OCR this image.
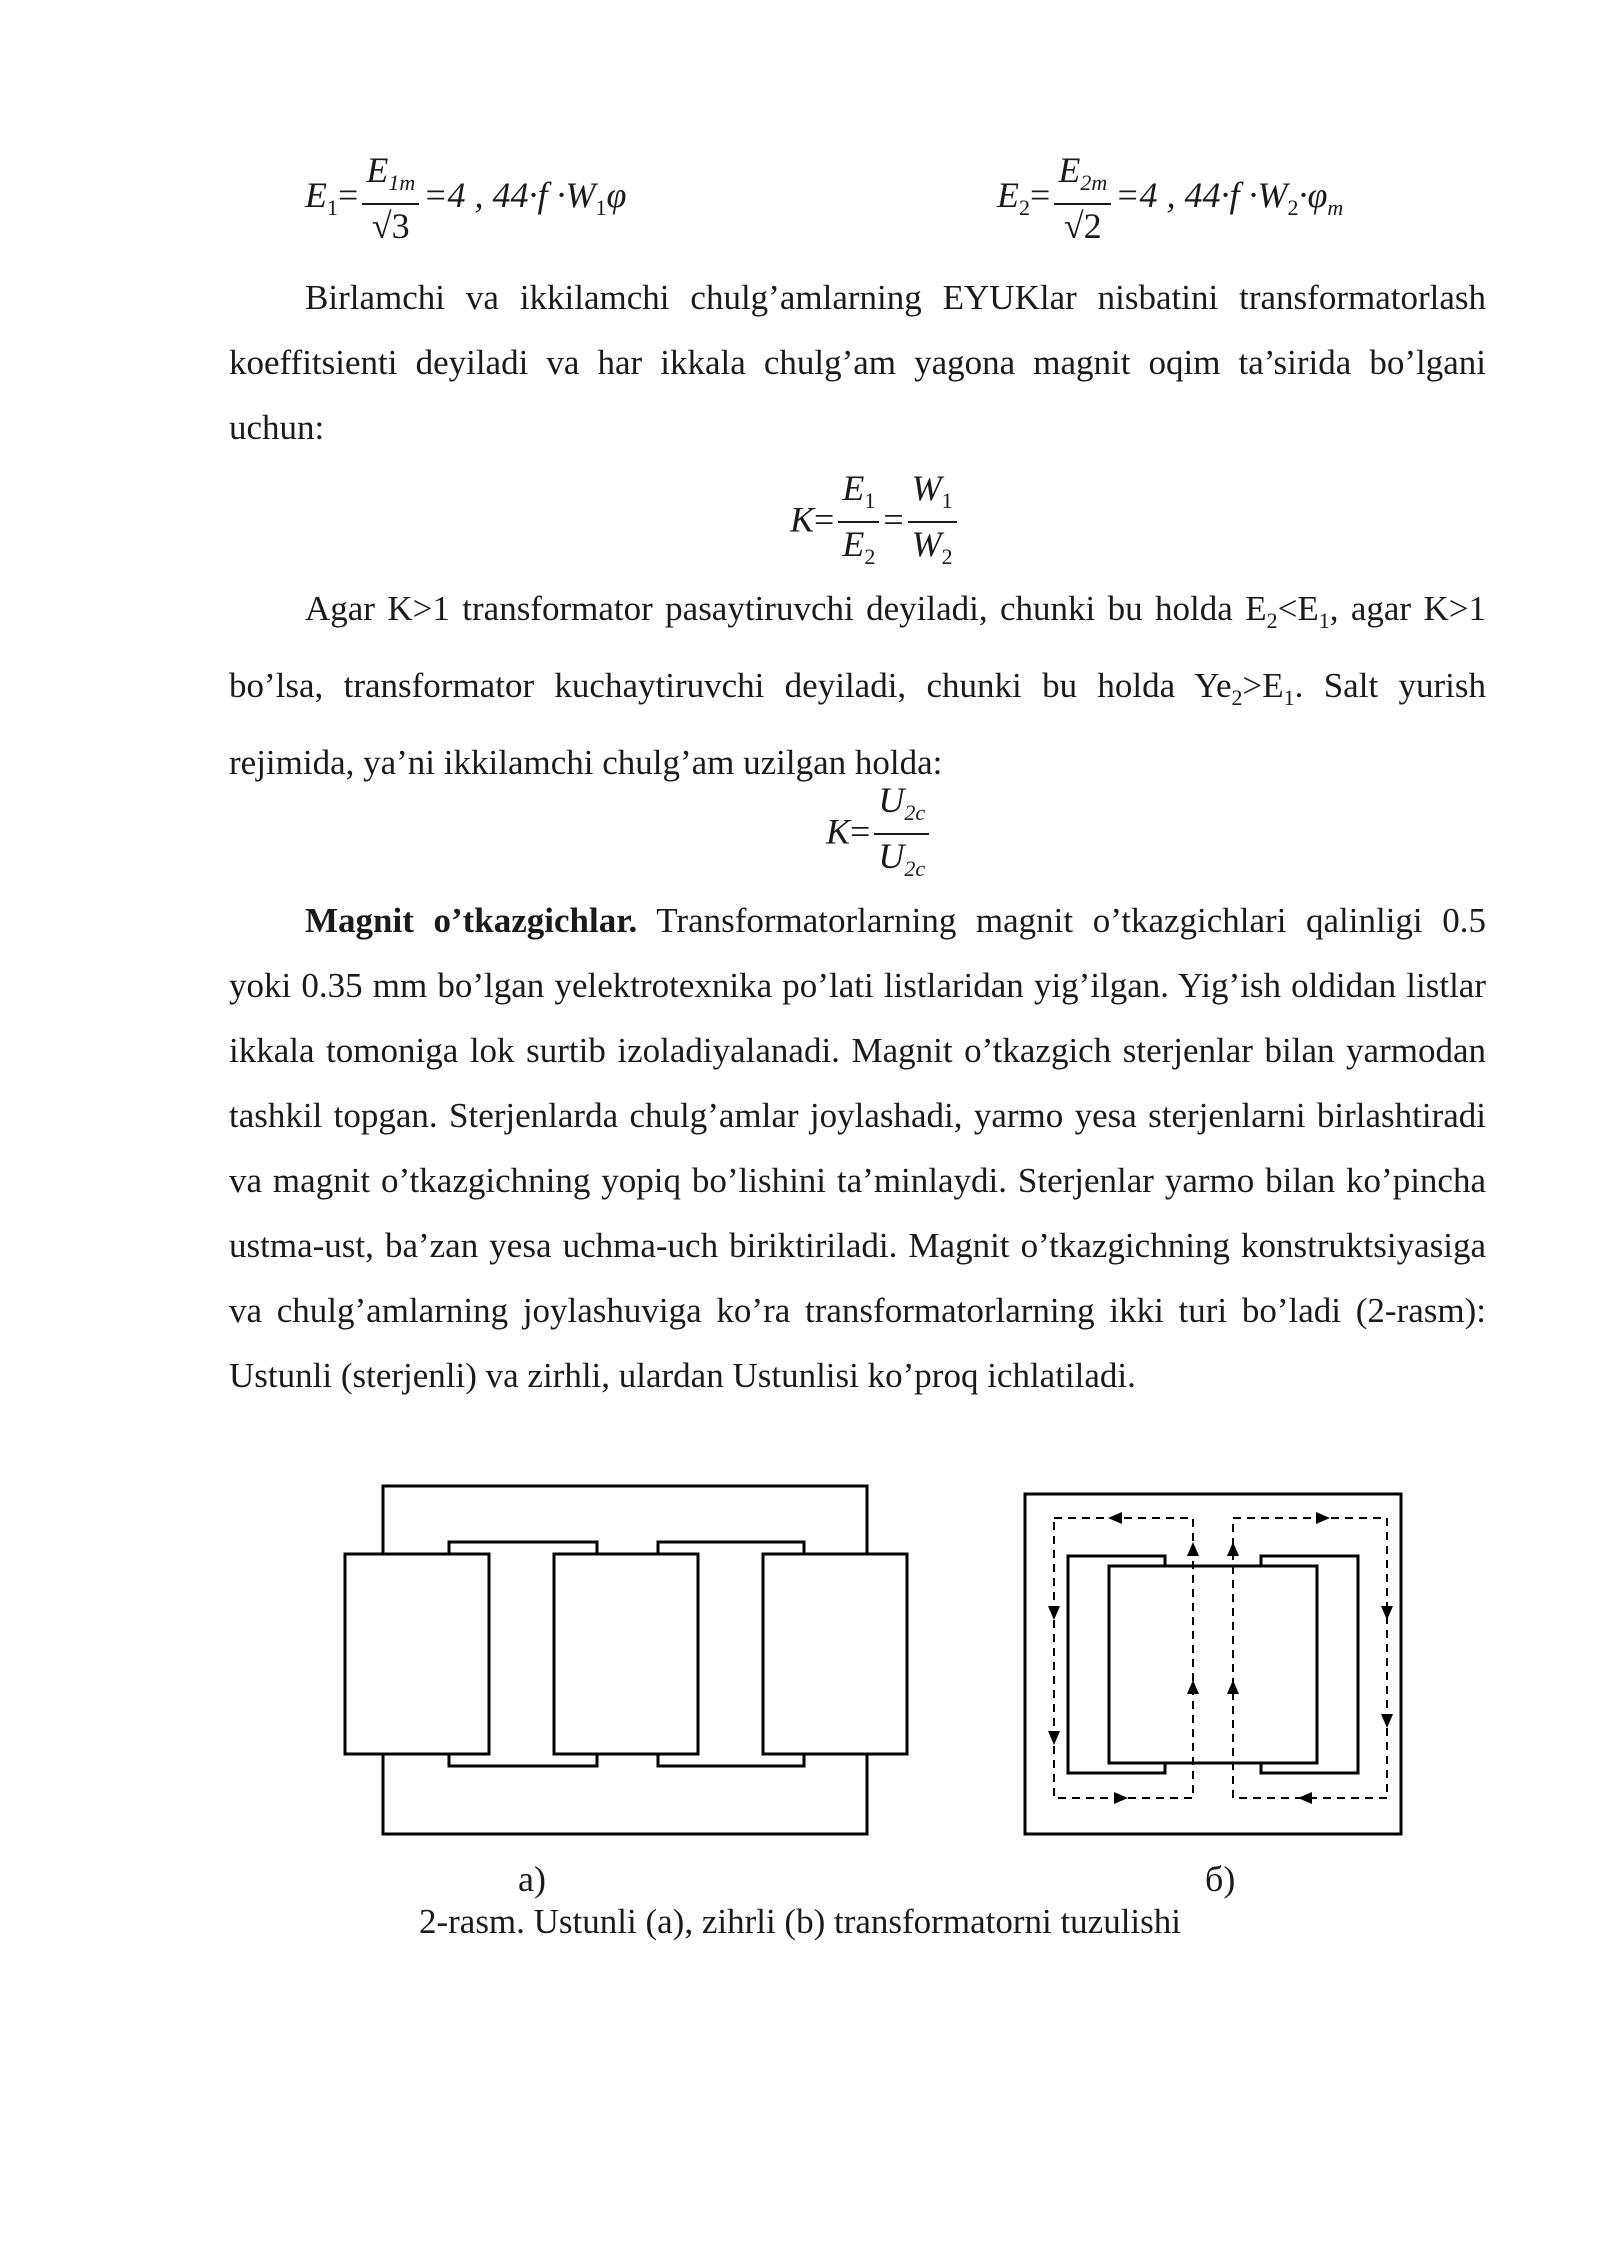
$E_1= \frac{E_{1m}}{√3} =4$ , $44\cdot f \cdot W_1\varphi$	$E_2= \frac{E_{2m}}{√2} =4$ , $44\cdot f \cdot W_2\cdot\varphi_m$

Birlamchi va ikkilamchi chulg’amlarning EYUKlar nisbatini transformatorlash koeffitsienti deyiladi va har ikkala chulg’am yagona magnit oqim ta’sirida bo’lgani uchun:

$K= \frac{E_1}{E_2} = \frac{W_1}{W_2}$

Agar K>1 transformator pasaytiruvchi deyiladi, chunki bu holda $E_2<E_1$, agar K>1 bo’lsa, transformator kuchaytiruvchi deyiladi, chunki bu holda $Ye_2>E_1$. Salt yurish rejimida, ya’ni ikkilamchi chulg’am uzilgan holda:

$K= \frac{U_{2c}}{U_{2c}}$

Magnit o’tkazgichlar. Transformatorlarning magnit o’tkazgichlari qalinligi 0.5 yoki 0.35 mm bo’lgan yelektrotexnika po’lati listlaridan yig’ilgan. Yig’ish oldidan listlar ikkala tomoniga lok surtib izoladiyalanadi. Magnit o’tkazgich sterjenlar bilan yarmodan tashkil topgan. Sterjenlarda chulg’amlar joylashadi, yarmo yesa sterjenlarni birlashtiradi va magnit o’tkazgichning yopiq bo’lishini ta’minlaydi. Sterjenlar yarmo bilan ko’pincha ustma-ust, ba’zan yesa uchma-uch biriktiriladi. Magnit o’tkazgichning konstruktsiyasiga va chulg’amlarning joylashuviga ko’ra transformatorlarning ikki turi bo’ladi (2-rasm): Ustunli (sterjenli) va zirhli, ulardan Ustunlisi ko’proq ichlatiladi.

а)	б)
2-rasm. Ustunli (a), zihrli (b) transformatorni tuzulishi
